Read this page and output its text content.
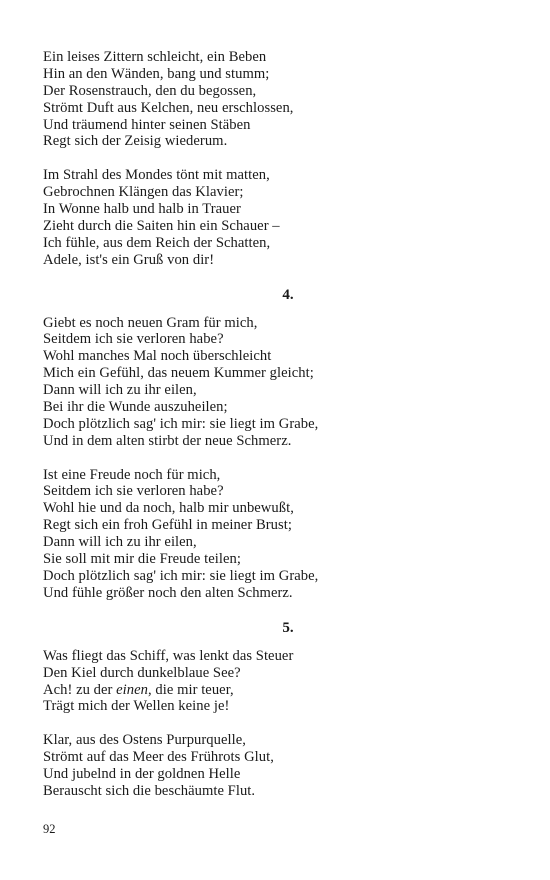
Ein leises Zittern schleicht, ein Beben
Hin an den Wänden, bang und stumm;
Der Rosenstrauch, den du begossen,
Strömt Duft aus Kelchen, neu erschlossen,
Und träumend hinter seinen Stäben
Regt sich der Zeisig wiederum.
Im Strahl des Mondes tönt mit matten,
Gebrochnen Klängen das Klavier;
In Wonne halb und halb in Trauer
Zieht durch die Saiten hin ein Schauer –
Ich fühle, aus dem Reich der Schatten,
Adele, ist's ein Gruß von dir!
4.
Giebt es noch neuen Gram für mich,
Seitdem ich sie verloren habe?
Wohl manches Mal noch überschleicht
Mich ein Gefühl, das neuem Kummer gleicht;
Dann will ich zu ihr eilen,
Bei ihr die Wunde auszuheilen;
Doch plötzlich sag' ich mir: sie liegt im Grabe,
Und in dem alten stirbt der neue Schmerz.
Ist eine Freude noch für mich,
Seitdem ich sie verloren habe?
Wohl hie und da noch, halb mir unbewußt,
Regt sich ein froh Gefühl in meiner Brust;
Dann will ich zu ihr eilen,
Sie soll mit mir die Freude teilen;
Doch plötzlich sag' ich mir: sie liegt im Grabe,
Und fühle größer noch den alten Schmerz.
5.
Was fliegt das Schiff, was lenkt das Steuer
Den Kiel durch dunkelblaue See?
Ach! zu der einen, die mir teuer,
Trägt mich der Wellen keine je!
Klar, aus des Ostens Purpurquelle,
Strömt auf das Meer des Frührots Glut,
Und jubelnd in der goldnen Helle
Berauscht sich die beschäumte Flut.
92
